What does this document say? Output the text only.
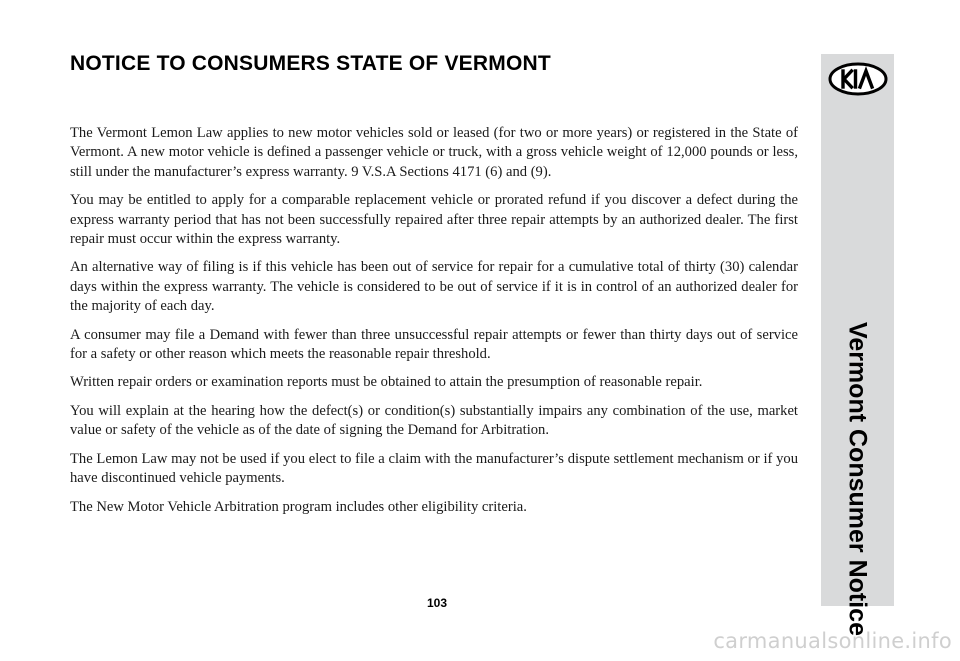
NOTICE TO CONSUMERS STATE OF VERMONT

The Vermont Lemon Law applies to new motor vehicles sold or leased (for two or more years) or registered in the State of Vermont. A new motor vehicle is defined a passenger vehicle or truck, with a gross vehicle weight of 12,000 pounds or less, still under the manufacturer’s express warranty. 9 V.S.A Sections 4171 (6) and (9).

You may be entitled to apply for a comparable replacement vehicle or prorated refund if you discover a defect during the express warranty period that has not been successfully repaired after three repair attempts by an authorized dealer. The first repair must occur within the express warranty.

An alternative way of filing is if this vehicle has been out of service for repair for a cumulative total of thirty (30) calendar days within the express warranty. The vehicle is considered to be out of service if it is in control of an authorized dealer for the majority of each day.

A consumer may file a Demand with fewer than three unsuccessful repair attempts or fewer than thirty days out of service for a safety or other reason which meets the reasonable repair threshold.

Written repair orders or examination reports must be obtained to attain the presumption of reasonable repair.

You will explain at the hearing how the defect(s) or condition(s) substantially impairs any combination of the use, market value or safety of the vehicle as of the date of signing the Demand for Arbitration.

The Lemon Law may not be used if you elect to file a claim with the manufacturer’s dispute settlement mechanism or if you have discontinued vehicle payments.

The New Motor Vehicle Arbitration program includes other eligibility criteria.	Vermont Consumer Notice
103
carmanualsonline.info
